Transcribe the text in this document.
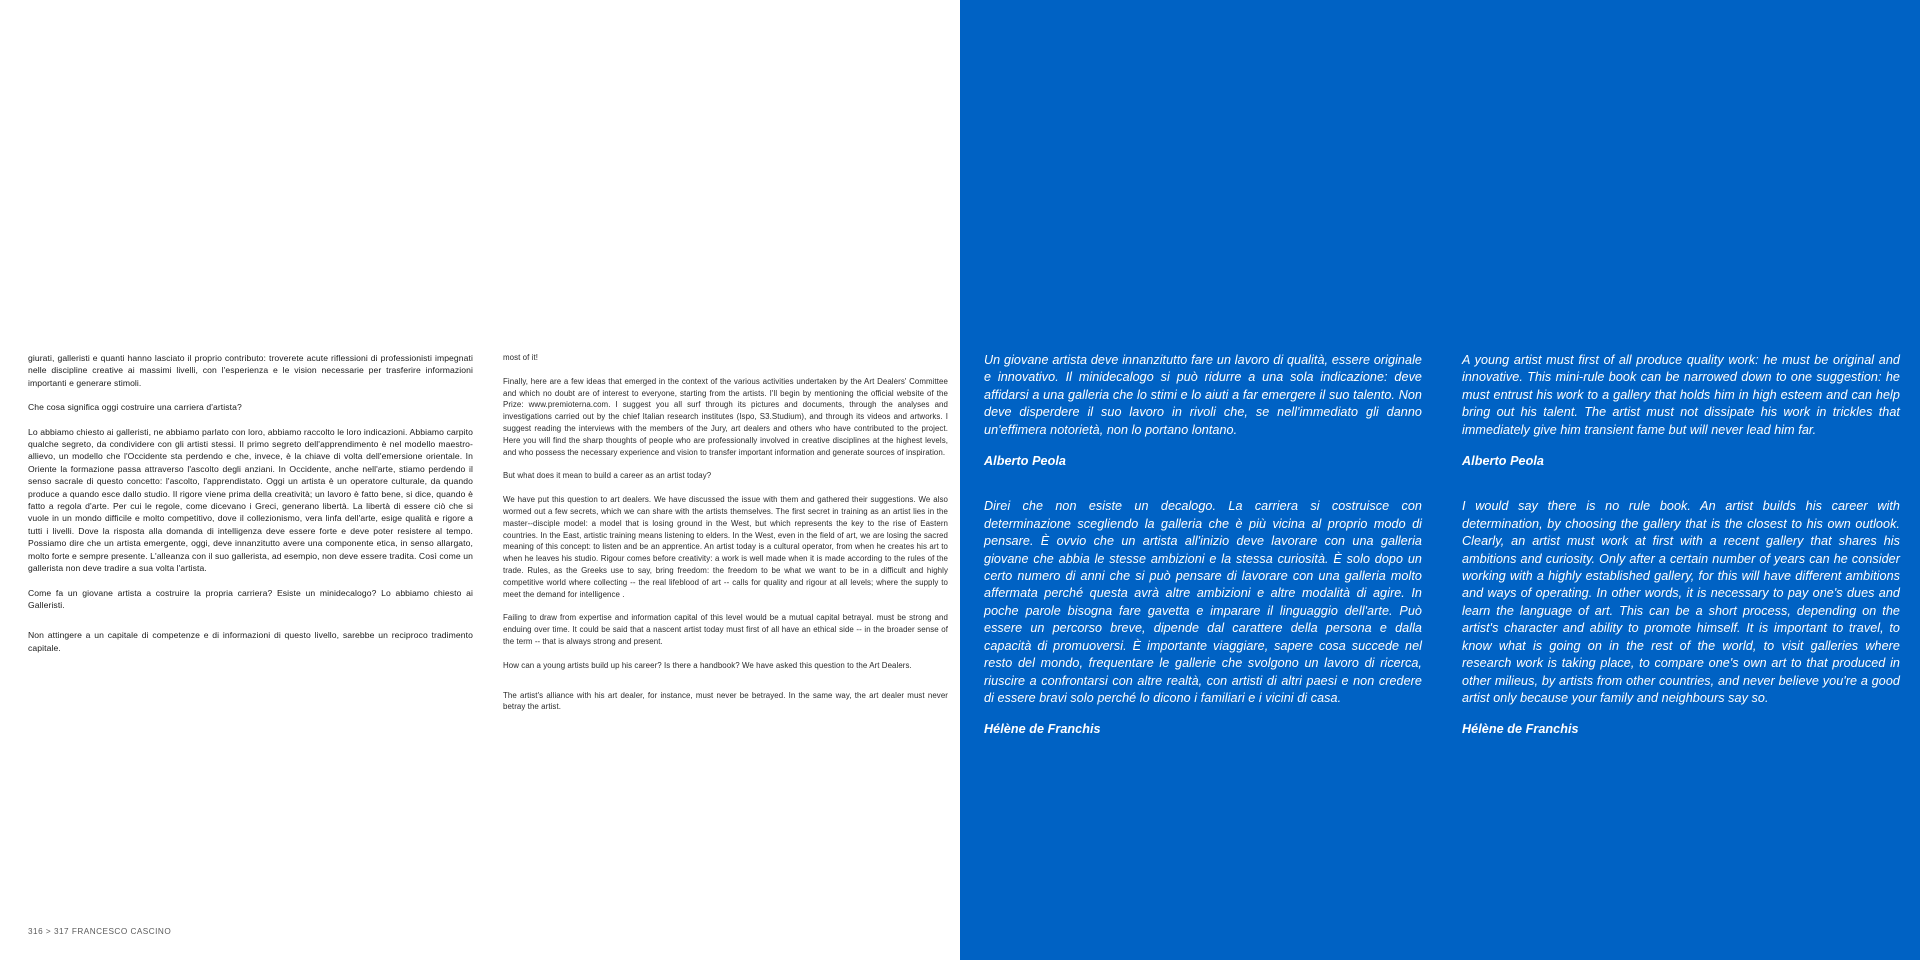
giurati, galleristi e quanti hanno lasciato il proprio contributo: troverete acute riflessioni di professionisti impegnati nelle discipline creative ai massimi livelli, con l'esperienza e le vision necessarie per trasferire informazioni importanti e generare stimoli.

Che cosa significa oggi costruire una carriera d'artista?

Lo abbiamo chiesto ai galleristi, ne abbiamo parlato con loro, abbiamo raccolto le loro indicazioni. Abbiamo carpito qualche segreto, da condividere con gli artisti stessi. Il primo segreto dell'apprendimento è nel modello maestro-allievo, un modello che l'Occidente sta perdendo e che, invece, è la chiave di volta dell'emersione orientale. In Oriente la formazione passa attraverso l'ascolto degli anziani. In Occidente, anche nell'arte, stiamo perdendo il senso sacrale di questo concetto: l'ascolto, l'apprendistato. Oggi un artista è un operatore culturale, da quando produce a quando esce dallo studio. Il rigore viene prima della creatività; un lavoro è fatto bene, si dice, quando è fatto a regola d'arte. Per cui le regole, come dicevano i Greci, generano libertà. La libertà di essere ciò che si vuole in un mondo difficile e molto competitivo, dove il collezionismo, vera linfa dell'arte, esige qualità e rigore a tutti i livelli. Dove la risposta alla domanda di intelligenza deve essere forte e deve poter resistere al tempo. Possiamo dire che un artista emergente, oggi, deve innanzitutto avere una componente etica, in senso allargato, molto forte e sempre presente. L'alleanza con il suo gallerista, ad esempio, non deve essere tradita. Così come un gallerista non deve tradire a sua volta l'artista.

Come fa un giovane artista a costruire la propria carriera? Esiste un minidecalogo? Lo abbiamo chiesto ai Galleristi.

Non attingere a un capitale di competenze e di informazioni di questo livello, sarebbe un reciproco tradimento capitale.

most of it!

Finally, here are a few ideas that emerged in the context of the various activities undertaken by the Art Dealers' Committee and which no doubt are of interest to everyone, starting from the artists. I'll begin by mentioning the official website of the Prize: www.premioterna.com. I suggest you all surf through its pictures and documents, through the analyses and investigations carried out by the chief Italian research institutes (Ispo, S3.Studium), and through its videos and artworks. I suggest reading the interviews with the members of the Jury, art dealers and others who have contributed to the project. Here you will find the sharp thoughts of people who are professionally involved in creative disciplines at the highest levels, and who possess the necessary experience and vision to transfer important information and generate sources of inspiration.

But what does it mean to build a career as an artist today?

We have put this question to art dealers. We have discussed the issue with them and gathered their suggestions. We also wormed out a few secrets, which we can share with the artists themselves. The first secret in training as an artist lies in the master--disciple model: a model that is losing ground in the West, but which represents the key to the rise of Eastern countries. In the East, artistic training means listening to elders. In the West, even in the field of art, we are losing the sacred meaning of this concept: to listen and be an apprentice. An artist today is a cultural operator, from when he creates his art to when he leaves his studio. Rigour comes before creativity: a work is well made when it is made according to the rules of the trade. Rules, as the Greeks use to say, bring freedom: the freedom to be what we want to be in a difficult and highly competitive world where collecting -- the real lifeblood of art -- calls for quality and rigour at all levels; where the supply to meet the demand for intelligence .

Failing to draw from expertise and information capital of this level would be a mutual capital betrayal. must be strong and enduing over time. It could be said that a nascent artist today must first of all have an ethical side -- in the broader sense of the term -- that is always strong and present.

How can a young artists build up his career? Is there a handbook? We have asked this question to the Art Dealers.

The artist's alliance with his art dealer, for instance, must never be betrayed. In the same way, the art dealer must never betray the artist.

316 > 317 FRANCESCO CASCINO

Un giovane artista deve innanzitutto fare un lavoro di qualità, essere originale e innovativo. Il minidecalogo si può ridurre a una sola indicazione: deve affidarsi a una galleria che lo stimi e lo aiuti a far emergere il suo talento. Non deve disperdere il suo lavoro in rivoli che, se nell'immediato gli danno un'effimera notorietà, non lo portano lontano.

Alberto Peola

Direi che non esiste un decalogo. La carriera si costruisce con determinazione scegliendo la galleria che è più vicina al proprio modo di pensare. È ovvio che un artista all'inizio deve lavorare con una galleria giovane che abbia le stesse ambizioni e la stessa curiosità. È solo dopo un certo numero di anni che si può pensare di lavorare con una galleria molto affermata perché questa avrà altre ambizioni e altre modalità di agire. In poche parole bisogna fare gavetta e imparare il linguaggio dell'arte. Può essere un percorso breve, dipende dal carattere della persona e dalla capacità di promuoversi. È importante viaggiare, sapere cosa succede nel resto del mondo, frequentare le gallerie che svolgono un lavoro di ricerca, riuscire a confrontarsi con altre realtà, con artisti di altri paesi e non credere di essere bravi solo perché lo dicono i familiari e i vicini di casa.

Hélène de Franchis

A young artist must first of all produce quality work: he must be original and innovative. This mini-rule book can be narrowed down to one suggestion: he must entrust his work to a gallery that holds him in high esteem and can help bring out his talent. The artist must not dissipate his work in trickles that immediately give him transient fame but will never lead him far.

Alberto Peola

I would say there is no rule book. An artist builds his career with determination, by choosing the gallery that is the closest to his own outlook. Clearly, an artist must work at first with a recent gallery that shares his ambitions and curiosity. Only after a certain number of years can he consider working with a highly established gallery, for this will have different ambitions and ways of operating. In other words, it is necessary to pay one's dues and learn the language of art. This can be a short process, depending on the artist's character and ability to promote himself. It is important to travel, to know what is going on in the rest of the world, to visit galleries where research work is taking place, to compare one's own art to that produced in other milieus, by artists from other countries, and never believe you're a good artist only because your family and neighbours say so.

Hélène de Franchis
